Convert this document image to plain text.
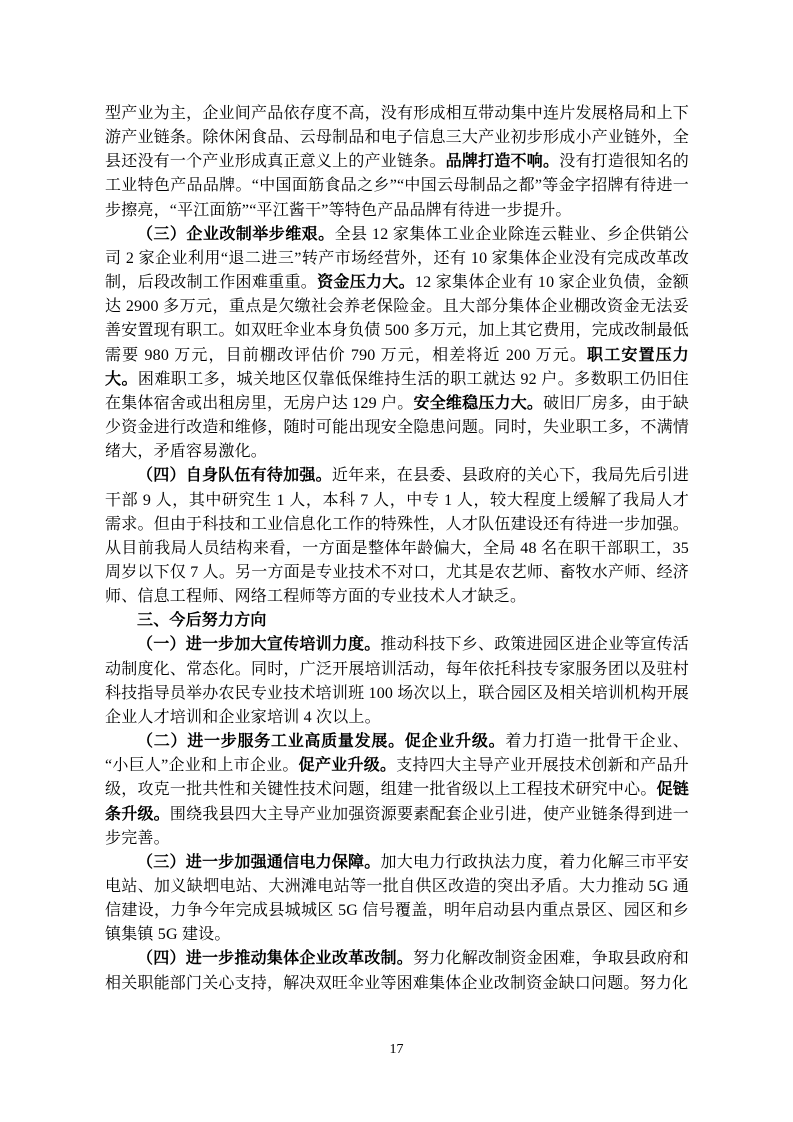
型产业为主，企业间产品依存度不高，没有形成相互带动集中连片发展格局和上下游产业链条。除休闲食品、云母制品和电子信息三大产业初步形成小产业链外，全县还没有一个产业形成真正意义上的产业链条。品牌打造不响。没有打造很知名的工业特色产品品牌。“中国面筋食品之乡”“中国云母制品之都”等金字招牌有待进一步擦亮，“平江面筋”“平江酱干”等特色产品品牌有待进一步提升。

（三）企业改制举步维艰。全县 12 家集体工业企业除连云鞋业、乡企供销公司 2 家企业利用“退二进三”转产市场经营外，还有 10 家集体企业没有完成改革改制，后段改制工作困难重重。资金压力大。12 家集体企业有 10 家企业负债，金额达 2900 多万元，重点是欠缴社会养老保险金。且大部分集体企业棚改资金无法妥善安置现有职工。如双旺伞业本身负债 500 多万元，加上其它费用，完成改制最低需要 980 万元，目前棚改评估价 790 万元，相差将近 200 万元。职工安置压力大。困难职工多，城关地区仅靠低保维持生活的职工就达 92 户。多数职工仍旧住在集体宿舍或出租房里，无房户达 129 户。安全维稳压力大。破旧厂房多，由于缺少资金进行改造和维修，随时可能出现安全隐患问题。同时，失业职工多，不满情绪大，矛盾容易激化。

（四）自身队伍有待加强。近年来，在县委、县政府的关心下，我局先后引进干部 9 人，其中研究生 1 人，本科 7 人，中专 1 人，较大程度上缓解了我局人才需求。但由于科技和工业信息化工作的特殊性，人才队伍建设还有待进一步加强。从目前我局人员结构来看，一方面是整体年龄偏大，全局 48 名在职干部职工，35 周岁以下仅 7 人。另一方面是专业技术不对口，尤其是农艺师、畜牧水产师、经济师、信息工程师、网络工程师等方面的专业技术人才缺乏。

三、今后努力方向

（一）进一步加大宣传培训力度。推动科技下乡、政策进园区进企业等宣传活动制度化、常态化。同时，广泛开展培训活动，每年依托科技专家服务团以及驻村科技指导员举办农民专业技术培训班 100 场次以上，联合园区及相关培训机构开展企业人才培训和企业家培训 4 次以上。

（二）进一步服务工业高质量发展。促企业升级。着力打造一批骨干企业、“小巨人”企业和上市企业。促产业升级。支持四大主导产业开展技术创新和产品升级，攻克一批共性和关键性技术问题，组建一批省级以上工程技术研究中心。促链条升级。围绕我县四大主导产业加强资源要素配套企业引进，使产业链条得到进一步完善。

（三）进一步加强通信电力保障。加大电力行政执法力度，着力化解三市平安电站、加义缺垇电站、大洲滩电站等一批自供区改造的突出矛盾。大力推动 5G 通信建设，力争今年完成县城城区 5G 信号覆盖，明年启动县内重点景区、园区和乡镇集镇 5G 建设。

（四）进一步推动集体企业改革改制。努力化解改制资金困难，争取县政府和相关职能部门关心支持，解决双旺伞业等困难集体企业改制资金缺口问题。努力化

17
